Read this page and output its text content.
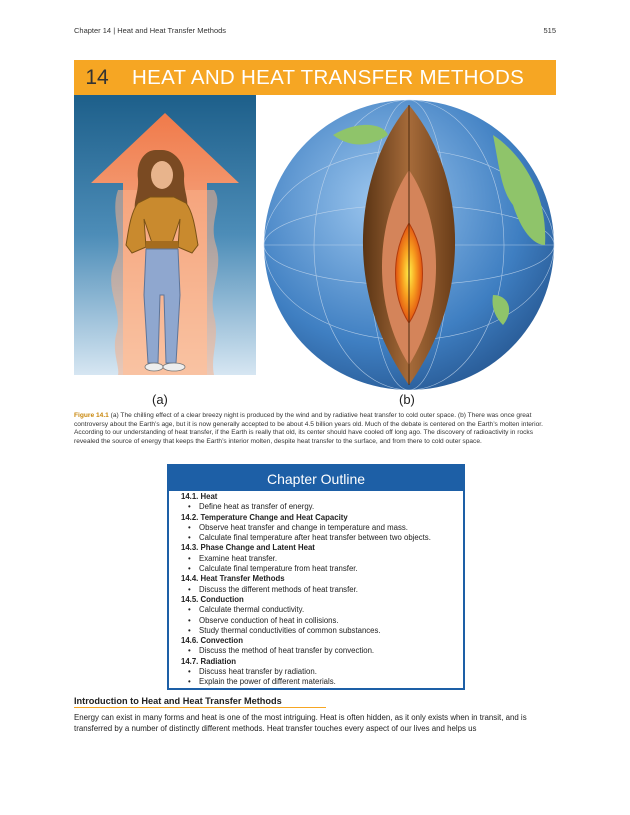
Chapter 14 | Heat and Heat Transfer Methods	515
14	HEAT AND HEAT TRANSFER METHODS
(a)	(b)
Figure 14.1 (a) The chilling effect of a clear breezy night is produced by the wind and by radiative heat transfer to cold outer space. (b) There was once great controversy about the Earth’s age, but it is now generally accepted to be about 4.5 billion years old. Much of the debate is centered on the Earth’s molten interior. According to our understanding of heat transfer, if the Earth is really that old, its center should have cooled off long ago. The discovery of radioactivity in rocks revealed the source of energy that keeps the Earth’s interior molten, despite heat transfer to the surface, and from there to cold outer space.
Chapter Outline
14.1. Heat
• Define heat as transfer of energy.
14.2. Temperature Change and Heat Capacity
• Observe heat transfer and change in temperature and mass.
• Calculate final temperature after heat transfer between two objects.
14.3. Phase Change and Latent Heat
• Examine heat transfer.
• Calculate final temperature from heat transfer.
14.4. Heat Transfer Methods
• Discuss the different methods of heat transfer.
14.5. Conduction
• Calculate thermal conductivity.
• Observe conduction of heat in collisions.
• Study thermal conductivities of common substances.
14.6. Convection
• Discuss the method of heat transfer by convection.
14.7. Radiation
• Discuss heat transfer by radiation.
• Explain the power of different materials.
Introduction to Heat and Heat Transfer Methods
Energy can exist in many forms and heat is one of the most intriguing. Heat is often hidden, as it only exists when in transit, and is transferred by a number of distinctly different methods. Heat transfer touches every aspect of our lives and helps us
